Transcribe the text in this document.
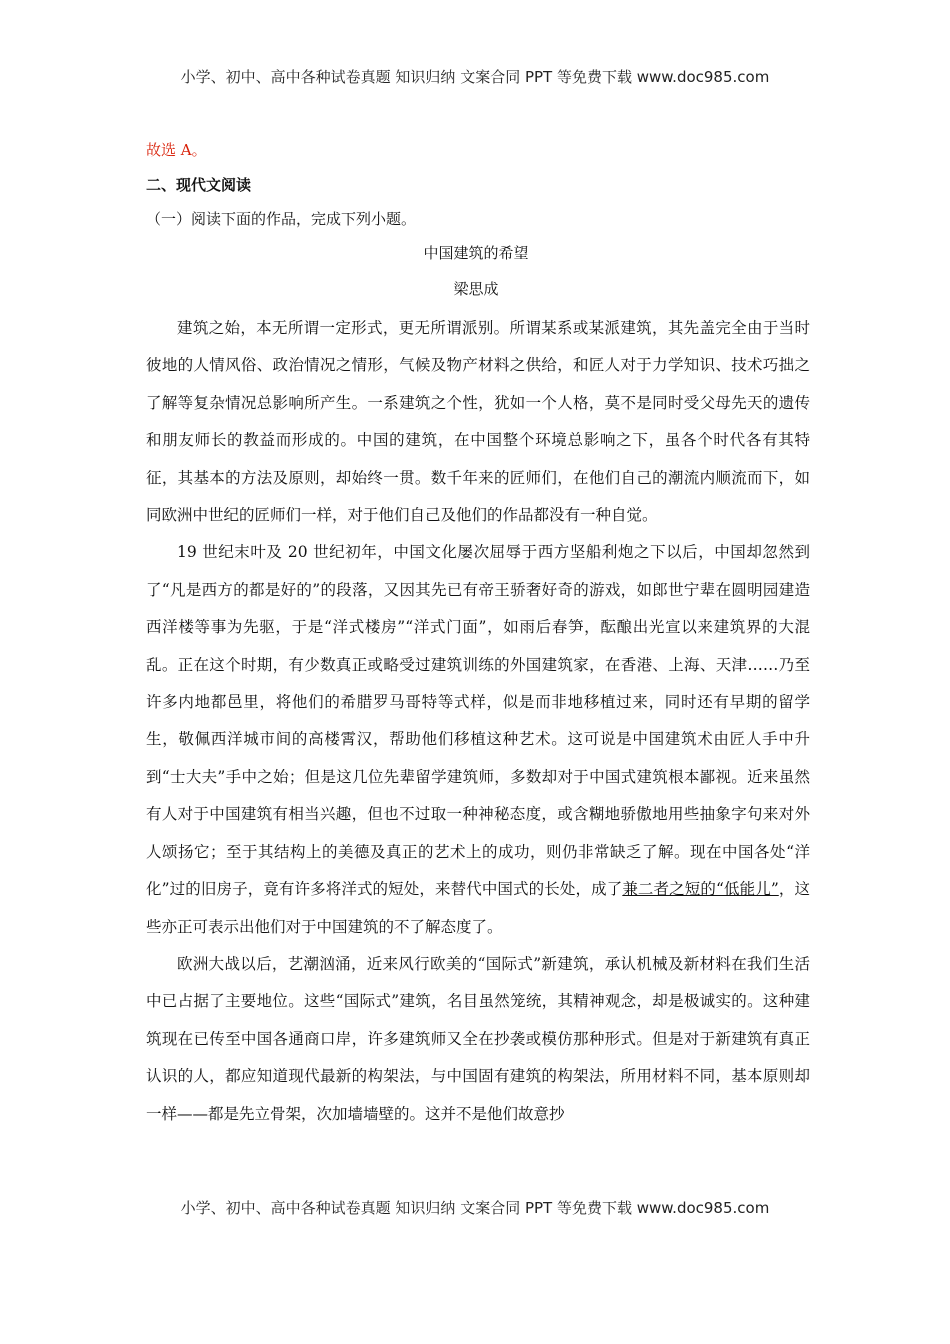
小学、初中、高中各种试卷真题 知识归纳 文案合同 PPT 等免费下载 www.doc985.com
故选 A。
二、现代文阅读
（一）阅读下面的作品，完成下列小题。
中国建筑的希望
梁思成

建筑之始，本无所谓一定形式，更无所谓派别。所谓某系或某派建筑，其先盖完全由于当时彼地的人情风俗、政治情况之情形，气候及物产材料之供给，和匠人对于力学知识、技术巧拙之了解等复杂情况总影响所产生。一系建筑之个性，犹如一个人格，莫不是同时受父母先天的遗传和朋友师长的教益而形成的。中国的建筑，在中国整个环境总影响之下，虽各个时代各有其特征，其基本的方法及原则，却始终一贯。数千年来的匠师们，在他们自己的潮流内顺流而下，如同欧洲中世纪的匠师们一样，对于他们自己及他们的作品都没有一种自觉。

19 世纪末叶及 20 世纪初年，中国文化屡次屈辱于西方坚船利炮之下以后，中国却忽然到了“凡是西方的都是好的”的段落，又因其先已有帝王骄奢好奇的游戏，如郎世宁辈在圆明园建造西洋楼等事为先驱，于是“洋式楼房”“洋式门面”，如雨后春笋，酝酿出光宣以来建筑界的大混乱。正在这个时期，有少数真正或略受过建筑训练的外国建筑家，在香港、上海、天津……乃至许多内地都邑里，将他们的希腊罗马哥特等式样，似是而非地移植过来，同时还有早期的留学生，敬佩西洋城市间的高楼霄汉，帮助他们移植这种艺术。这可说是中国建筑术由匠人手中升到“士大夫”手中之始；但是这几位先辈留学建筑师，多数却对于中国式建筑根本鄙视。近来虽然有人对于中国建筑有相当兴趣，但也不过取一种神秘态度，或含糊地骄傲地用些抽象字句来对外人颂扬它；至于其结构上的美德及真正的艺术上的成功，则仍非常缺乏了解。现在中国各处“洋化”过的旧房子，竟有许多将洋式的短处，来替代中国式的长处，成了兼二者之短的“低能儿”，这些亦正可表示出他们对于中国建筑的不了解态度了。

欧洲大战以后，艺潮汹涌，近来风行欧美的“国际式”新建筑，承认机械及新材料在我们生活中已占据了主要地位。这些“国际式”建筑，名目虽然笼统，其精神观念，却是极诚实的。这种建筑现在已传至中国各通商口岸，许多建筑师又全在抄袭或模仿那种形式。但是对于新建筑有真正认识的人，都应知道现代最新的构架法，与中国固有建筑的构架法，所用材料不同，基本原则却一样——都是先立骨架，次加墙墙壁的。这并不是他们故意抄

小学、初中、高中各种试卷真题 知识归纳 文案合同 PPT 等免费下载 www.doc985.com
